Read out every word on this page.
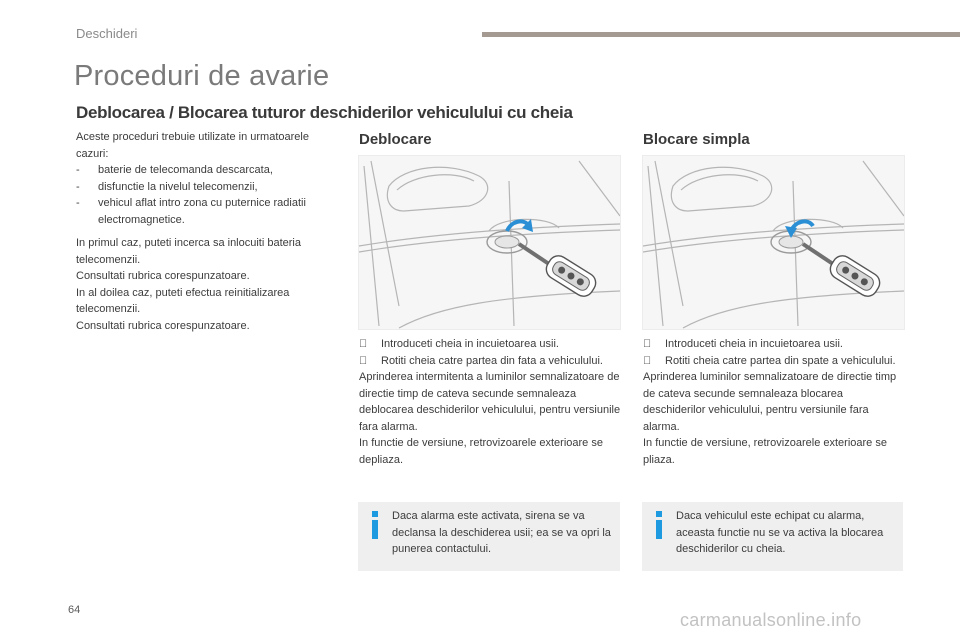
Deschideri
Proceduri de avarie
Deblocarea / Blocarea tuturor deschiderilor vehiculului cu cheia

Aceste proceduri trebuie utilizate in urmatoarele cazuri:

-	baterie de telecomanda descarcata,
-	disfunctie la nivelul telecomenzii,
-	vehicul aflat intro zona cu puternice radiatii electromagnetice.

In primul caz, puteti incerca sa inlocuiti bateria telecomenzii.

Consultati rubrica corespunzatoare.

In al doilea caz, puteti efectua reinitializarea telecomenzii.

Consultati rubrica corespunzatoare.

Deblocare
Introduceti cheia in incuietoarea usii.
Rotiti cheia catre partea din fata a vehiculului.

Aprinderea intermitenta a luminilor semnalizatoare de directie timp de cateva secunde semnaleaza deblocarea deschiderilor vehiculului, pentru versiunile fara alarma.

In functie de versiune, retrovizoarele exterioare se depliaza.

Daca alarma este activata, sirena se va declansa la deschiderea usii; ea se va opri la punerea contactului.
Blocare simpla
Introduceti cheia in incuietoarea usii.
Rotiti cheia catre partea din spate a vehiculului.

Aprinderea luminilor semnalizatoare de directie timp de cateva secunde semnaleaza blocarea deschiderilor vehiculului, pentru versiunile fara alarma.

In functie de versiune, retrovizoarele exterioare se pliaza.

Daca vehiculul este echipat cu alarma, aceasta functie nu se va activa la blocarea deschiderilor cu cheia.
64	carmanualsonline.info
